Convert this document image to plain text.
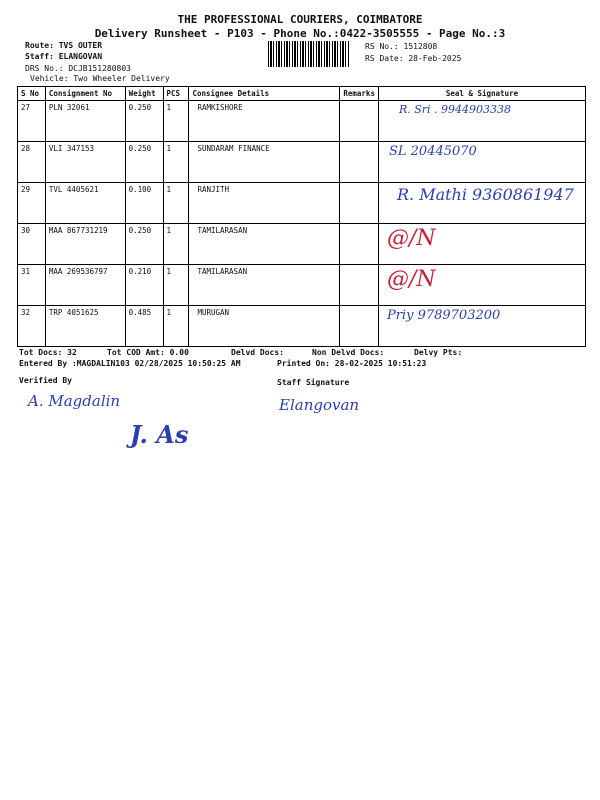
THE PROFESSIONAL COURIERS, COIMBATORE
Delivery Runsheet - P103 - Phone No.:0422-3505555 - Page No.:3
Route: TVS OUTER
Staff: ELANGOVAN
DRS No.: DCJB151280803
Vehicle: Two Wheeler Delivery
RS No.: 1512808
RS Date: 28-Feb-2025
S No	Consignment No	Weight	PCS	Consignee Details	Remarks	Seal & Signature
27	PLN 32061	0.250	1	RAMKISHORE		R. Sri . 9944903338
28	VLI 347153	0.250	1	SUNDARAM FINANCE		SL 20445070
29	TVL 4405621	0.100	1	RANJITH		R. Mathi 9360861947
30	MAA 867731219	0.250	1	TAMILARASAN		@/N
31	MAA 269536797	0.210	1	TAMILARASAN		@/N
32	TRP 4051625	0.485	1	MURUGAN		Priy 9789703200
Tot Docs: 32	Tot COD Amt: 0.00	Delvd Docs:	Non Delvd Docs:	Delvy Pts:
Entered By :MAGDALIN103 02/28/2025 10:50:25 AM	Printed On: 28-02-2025 10:51:23
Verified By	Staff Signature
A. Magdalin
J. As
Elangovan
